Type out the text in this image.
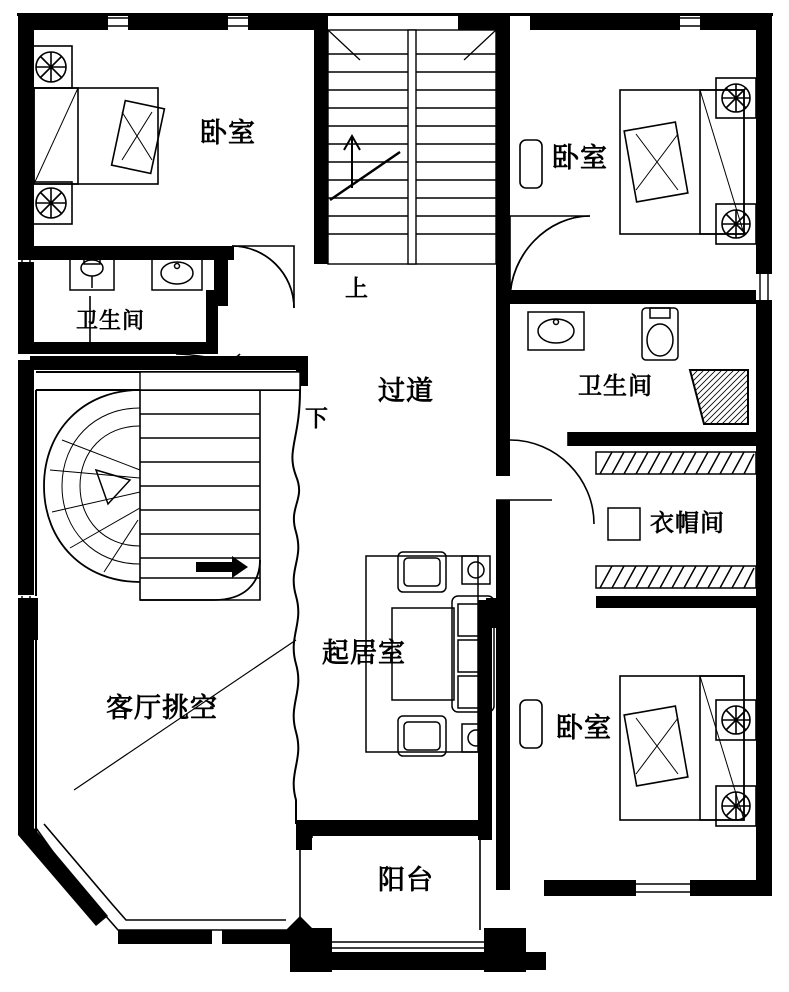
卧室
卧室
卫生间
过道	卫生间
衣帽间
起居室
客厅挑空
卧室
阳台
上
下
